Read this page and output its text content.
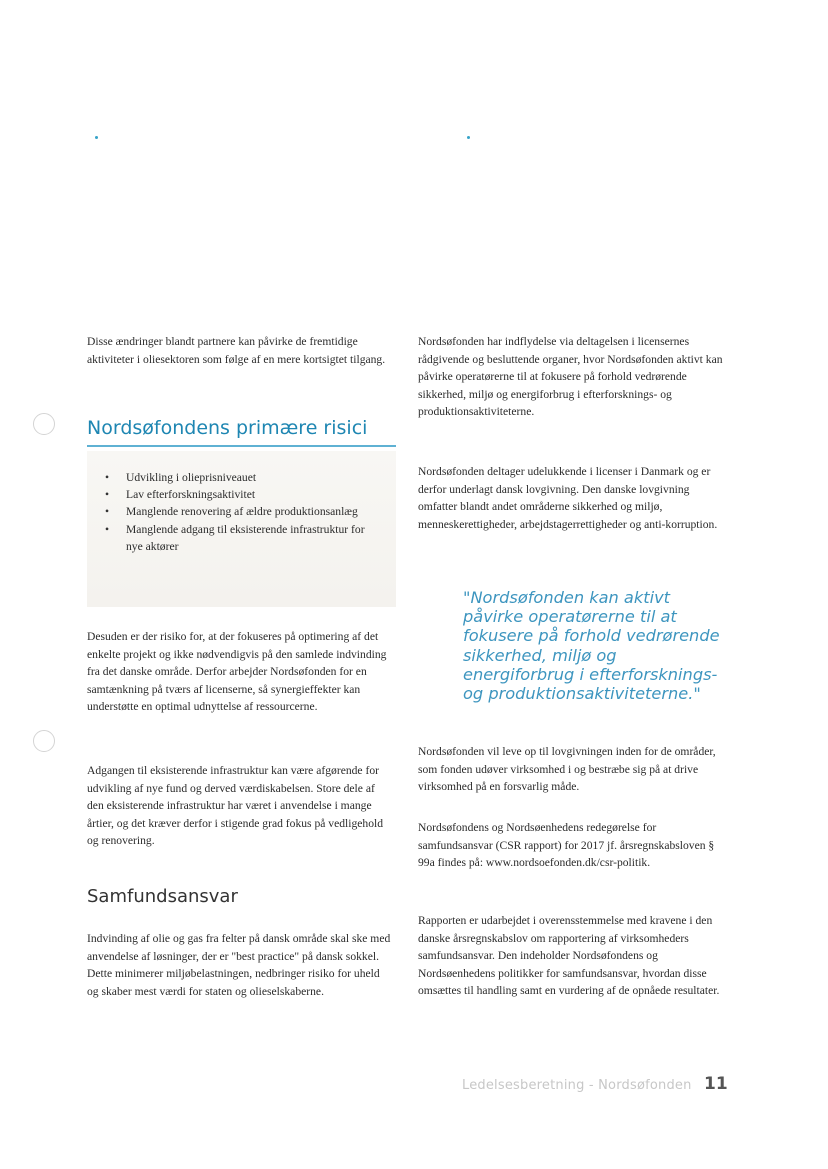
Disse ændringer blandt partnere kan påvirke de fremtidige aktiviteter i oliesektoren som følge af en mere kortsigtet tilgang.

Nordsøfondens primære risici
• Udvikling i olieprisniveauet
• Lav efterforskningsaktivitet
• Manglende renovering af ældre produktionsanlæg
• Manglende adgang til eksisterende infrastruktur for nye aktører

Desuden er der risiko for, at der fokuseres på optimering af det enkelte projekt og ikke nødvendigvis på den samlede indvinding fra det danske område. Derfor arbejder Nordsøfonden for en samtænkning på tværs af licenserne, så synergieffekter kan understøtte en optimal udnyttelse af ressourcerne.

Adgangen til eksisterende infrastruktur kan være afgørende for udvikling af nye fund og derved værdiskabelsen. Store dele af den eksisterende infrastruktur har været i anvendelse i mange årtier, og det kræver derfor i stigende grad fokus på vedligehold og renovering.

Samfundsansvar

Indvinding af olie og gas fra felter på dansk område skal ske med anvendelse af løsninger, der er "best practice" på dansk sokkel. Dette minimerer miljøbelastningen, nedbringer risiko for uheld og skaber mest værdi for staten og olieselskaberne.

Nordsøfonden har indflydelse via deltagelsen i licensernes rådgivende og besluttende organer, hvor Nordsøfonden aktivt kan påvirke operatørerne til at fokusere på forhold vedrørende sikkerhed, miljø og energiforbrug i efterforsknings- og produktionsaktiviteterne.

Nordsøfonden deltager udelukkende i licenser i Danmark og er derfor underlagt dansk lovgivning. Den danske lovgivning omfatter blandt andet områderne sikkerhed og miljø, menneskerettigheder, arbejdstagerrettigheder og anti-korruption.

"Nordsøfonden kan aktivt påvirke operatørerne til at fokusere på forhold vedrørende sikkerhed, miljø og energiforbrug i efterforsknings- og produktionsaktiviteterne."

Nordsøfonden vil leve op til lovgivningen inden for de områder, som fonden udøver virksomhed i og bestræbe sig på at drive virksomhed på en forsvarlig måde.

Nordsøfondens og Nordsøenhedens redegørelse for samfundsansvar (CSR rapport) for 2017 jf. årsregnskabsloven § 99a findes på: www.nordsoefonden.dk/csr-politik.

Rapporten er udarbejdet i overensstemmelse med kravene i den danske årsregnskabslov om rapportering af virksomheders samfundsansvar. Den indeholder Nordsøfondens og Nordsøenhedens politikker for samfundsansvar, hvordan disse omsættes til handling samt en vurdering af de opnåede resultater.

Ledelsesberetning - Nordsøfonden 11
